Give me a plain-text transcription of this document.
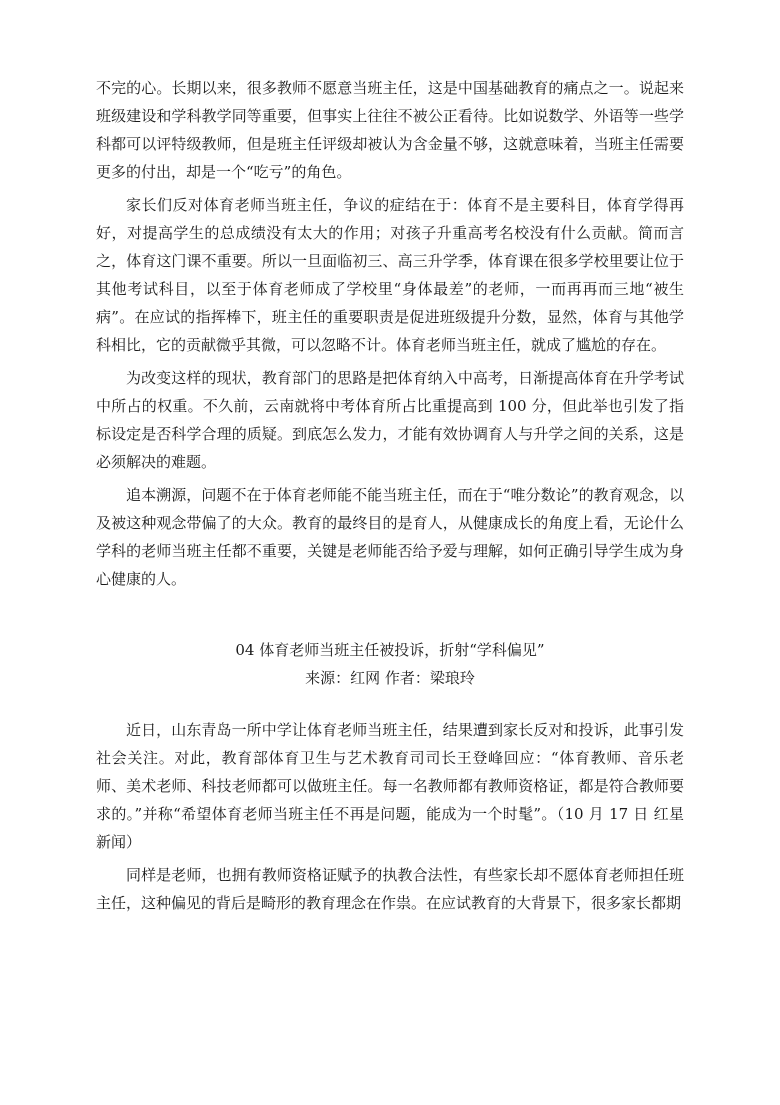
不完的心。长期以来，很多教师不愿意当班主任，这是中国基础教育的痛点之一。说起来班级建设和学科教学同等重要，但事实上往往不被公正看待。比如说数学、外语等一些学科都可以评特级教师，但是班主任评级却被认为含金量不够，这就意味着，当班主任需要更多的付出，却是一个“吃亏”的角色。

家长们反对体育老师当班主任，争议的症结在于：体育不是主要科目，体育学得再好，对提高学生的总成绩没有太大的作用；对孩子升重高考名校没有什么贡献。简而言之，体育这门课不重要。所以一旦面临初三、高三升学季，体育课在很多学校里要让位于其他考试科目，以至于体育老师成了学校里“身体最差”的老师，一而再再而三地“被生病”。在应试的指挥棒下，班主任的重要职责是促进班级提升分数，显然，体育与其他学科相比，它的贡献微乎其微，可以忽略不计。体育老师当班主任，就成了尴尬的存在。

为改变这样的现状，教育部门的思路是把体育纳入中高考，日渐提高体育在升学考试中所占的权重。不久前，云南就将中考体育所占比重提高到 100 分，但此举也引发了指标设定是否科学合理的质疑。到底怎么发力，才能有效协调育人与升学之间的关系，这是必须解决的难题。

追本溯源，问题不在于体育老师能不能当班主任，而在于“唯分数论”的教育观念，以及被这种观念带偏了的大众。教育的最终目的是育人，从健康成长的角度上看，无论什么学科的老师当班主任都不重要，关键是老师能否给予爱与理解，如何正确引导学生成为身心健康的人。

04 体育老师当班主任被投诉，折射“学科偏见”

来源：红网 作者：梁琅玲

近日，山东青岛一所中学让体育老师当班主任，结果遭到家长反对和投诉，此事引发社会关注。对此，教育部体育卫生与艺术教育司司长王登峰回应：“体育教师、音乐老师、美术老师、科技老师都可以做班主任。每一名教师都有教师资格证，都是符合教师要求的。”并称“希望体育老师当班主任不再是问题，能成为一个时髦”。（10 月 17 日 红星新闻）

同样是老师，也拥有教师资格证赋予的执教合法性，有些家长却不愿体育老师担任班主任，这种偏见的背后是畸形的教育理念在作祟。在应试教育的大背景下，很多家长都期
